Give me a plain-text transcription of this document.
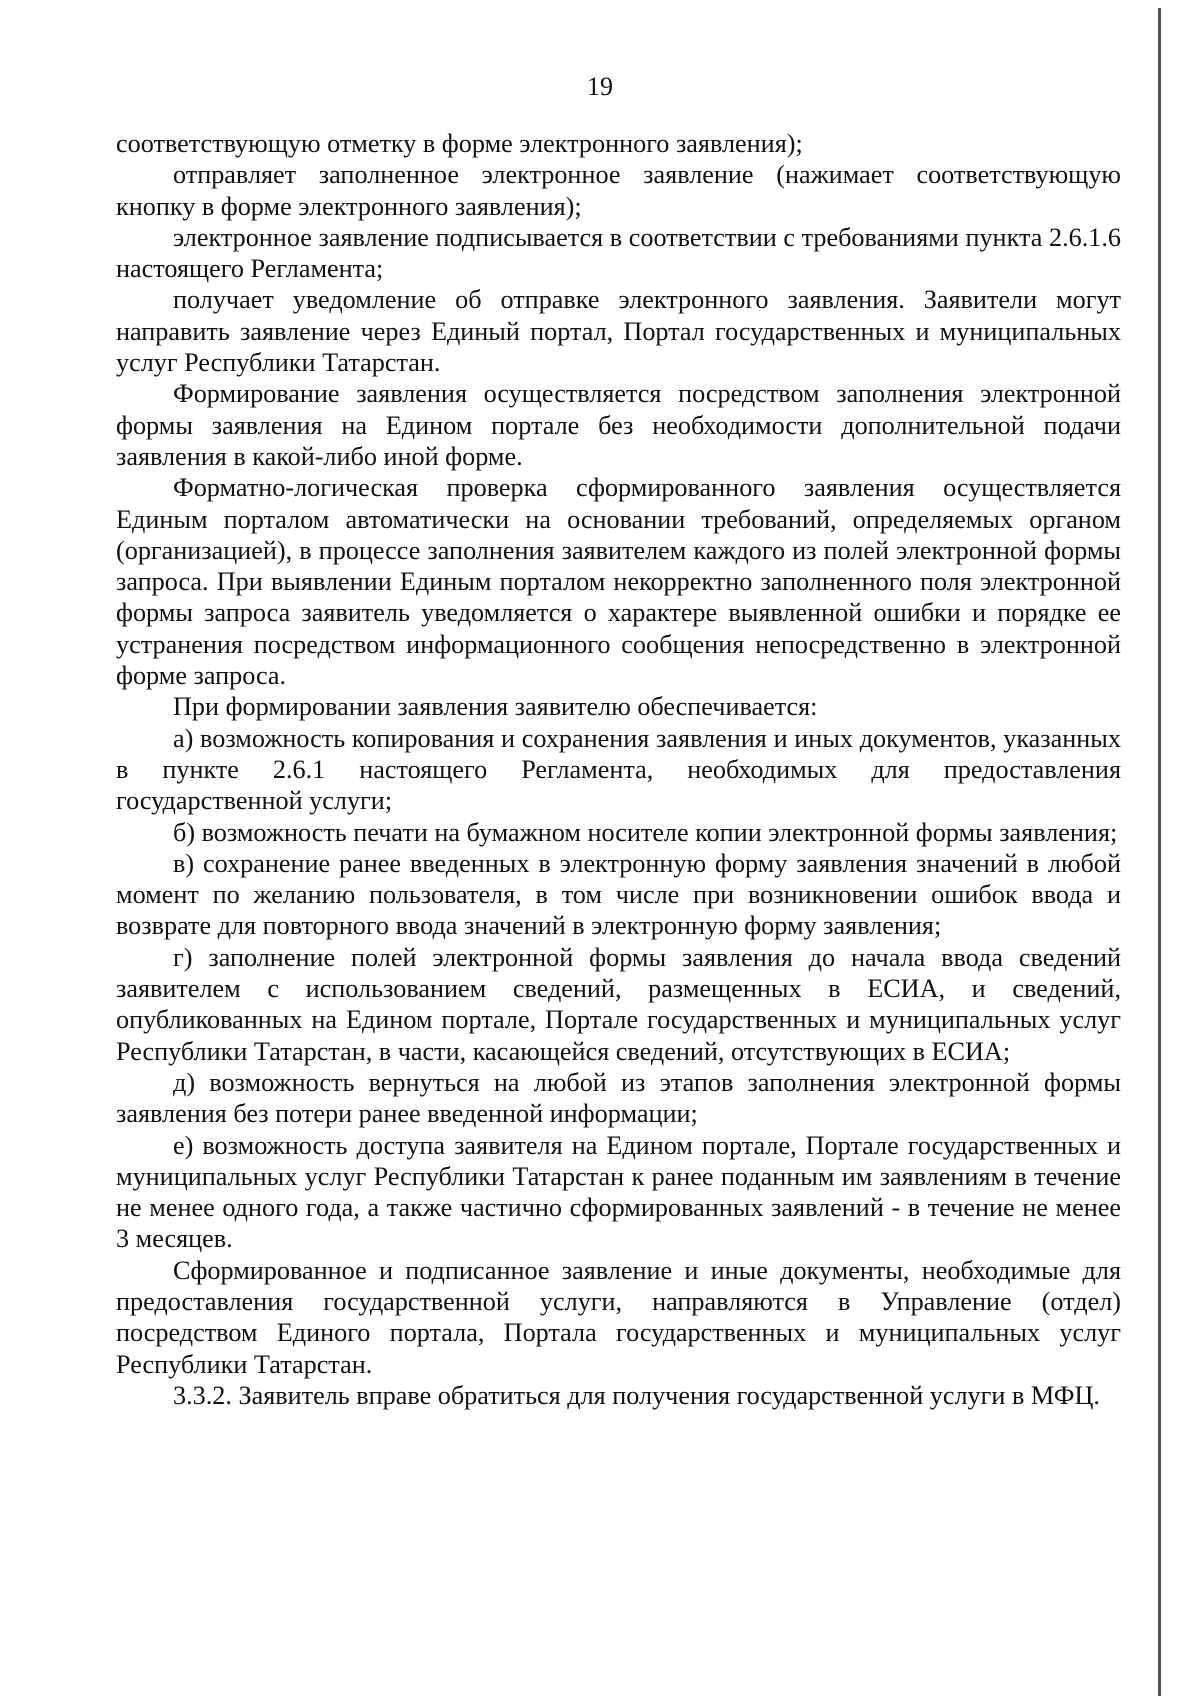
19

соответствующую отметку в форме электронного заявления);

отправляет заполненное электронное заявление (нажимает соответствующую кнопку в форме электронного заявления);

электронное заявление подписывается в соответствии с требованиями пункта 2.6.1.6 настоящего Регламента;

получает уведомление об отправке электронного заявления. Заявители могут направить заявление через Единый портал, Портал государственных и муниципальных услуг Республики Татарстан.

Формирование заявления осуществляется посредством заполнения электронной формы заявления на Едином портале без необходимости дополнительной подачи заявления в какой-либо иной форме.

Форматно-логическая проверка сформированного заявления осуществляется Единым порталом автоматически на основании требований, определяемых органом (организацией), в процессе заполнения заявителем каждого из полей электронной формы запроса. При выявлении Единым порталом некорректно заполненного поля электронной формы запроса заявитель уведомляется о характере выявленной ошибки и порядке ее устранения посредством информационного сообщения непосредственно в электронной форме запроса.

При формировании заявления заявителю обеспечивается:

а) возможность копирования и сохранения заявления и иных документов, указанных в пункте 2.6.1 настоящего Регламента, необходимых для предоставления государственной услуги;

б) возможность печати на бумажном носителе копии электронной формы заявления;

в) сохранение ранее введенных в электронную форму заявления значений в любой момент по желанию пользователя, в том числе при возникновении ошибок ввода и возврате для повторного ввода значений в электронную форму заявления;

г) заполнение полей электронной формы заявления до начала ввода сведений заявителем с использованием сведений, размещенных в ЕСИА, и сведений, опубликованных на Едином портале, Портале государственных и муниципальных услуг Республики Татарстан, в части, касающейся сведений, отсутствующих в ЕСИА;

д) возможность вернуться на любой из этапов заполнения электронной формы заявления без потери ранее введенной информации;

е) возможность доступа заявителя на Едином портале, Портале государственных и муниципальных услуг Республики Татарстан к ранее поданным им заявлениям в течение не менее одного года, а также частично сформированных заявлений - в течение не менее 3 месяцев.

Сформированное и подписанное заявление и иные документы, необходимые для предоставления государственной услуги, направляются в Управление (отдел) посредством Единого портала, Портала государственных и муниципальных услуг Республики Татарстан.

3.3.2. Заявитель вправе обратиться для получения государственной услуги в МФЦ.
